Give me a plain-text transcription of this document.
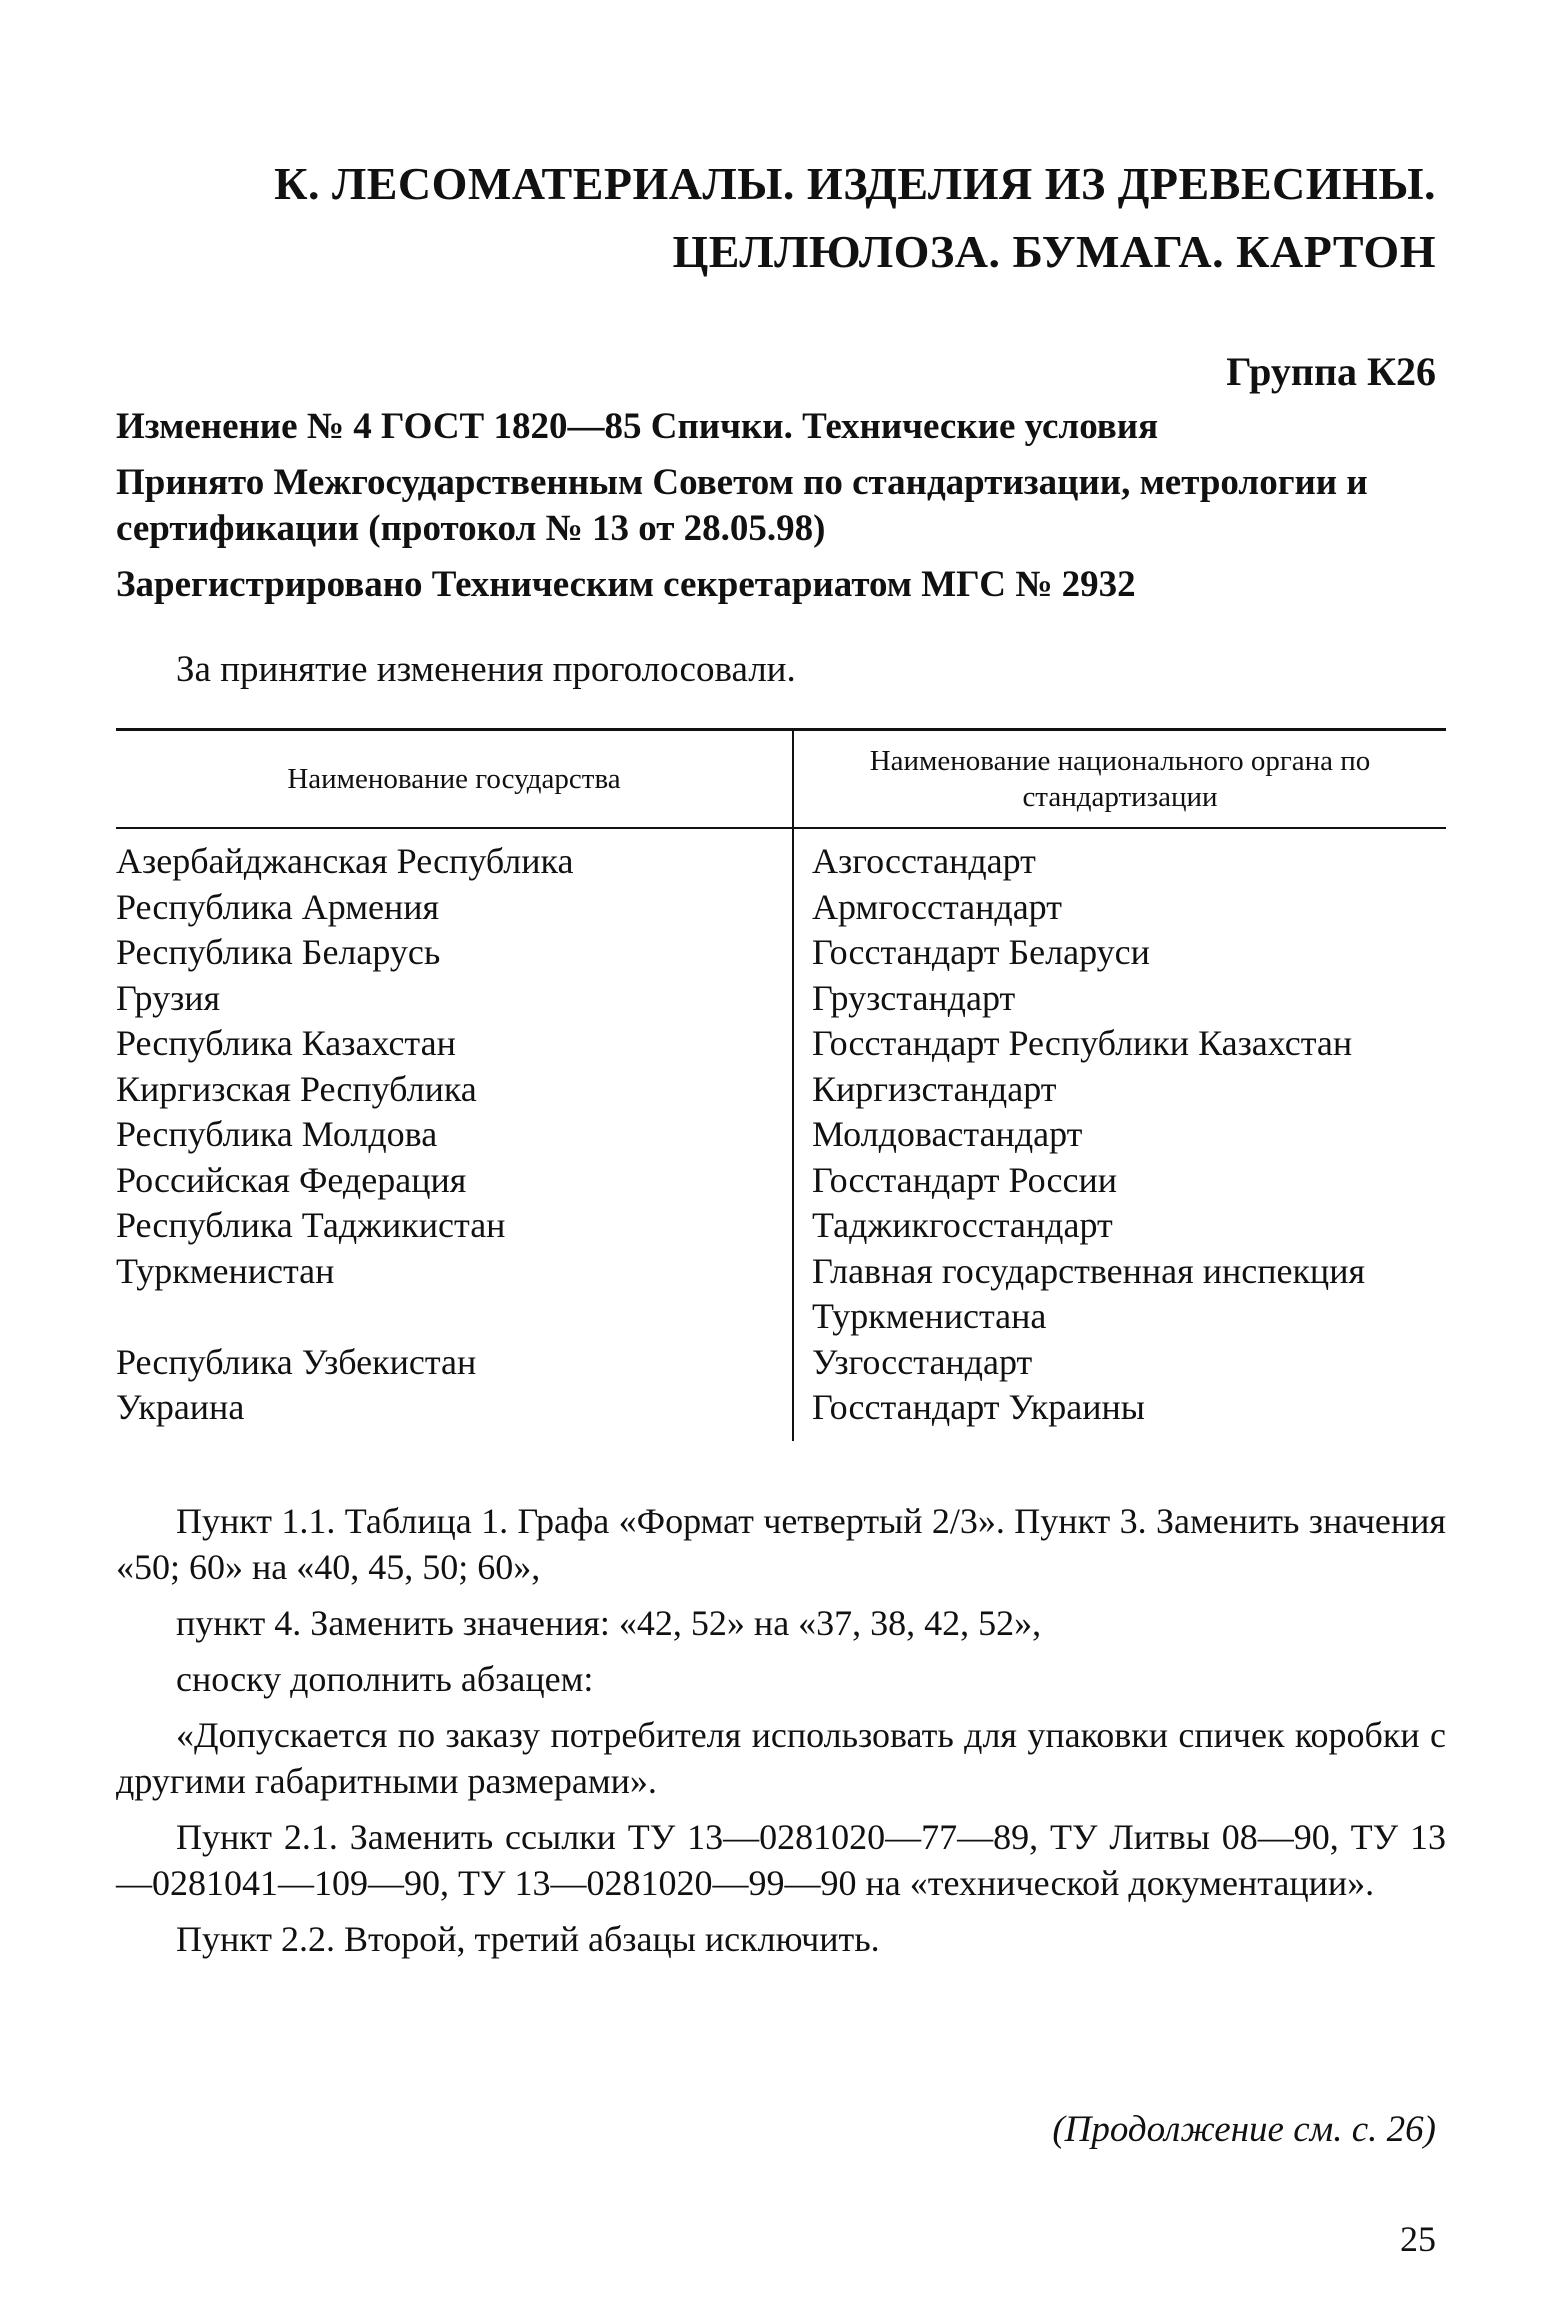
К. ЛЕСОМАТЕРИАЛЫ. ИЗДЕЛИЯ ИЗ ДРЕВЕСИНЫ.
ЦЕЛЛЮЛОЗА. БУМАГА. КАРТОН
Группа К26
Изменение № 4 ГОСТ 1820—85 Спички. Технические условия
Принято Межгосударственным Советом по стандартизации, метрологии и сертификации (протокол № 13 от 28.05.98)
Зарегистрировано Техническим секретариатом МГС № 2932
За принятие изменения проголосовали.
Наименование государства
Наименование национального органа по стандартизации
Азербайджанская Республика
Республика Армения
Республика Беларусь
Грузия
Республика Казахстан
Киргизская Республика
Республика Молдова
Российская Федерация
Республика Таджикистан
Туркменистан
Республика Узбекистан
Украина
Азгосстандарт
Армгосстандарт
Госстандарт Беларуси
Грузстандарт
Госстандарт Республики Казахстан
Киргизстандарт
Молдовастандарт
Госстандарт России
Таджикгосстандарт
Главная государственная инспекция Туркменистана
Узгосстандарт
Госстандарт Украины

Пункт 1.1. Таблица 1. Графа «Формат четвертый 2/3». Пункт 3. Заменить значения «50; 60» на «40, 45, 50; 60»,

пункт 4. Заменить значения: «42, 52» на «37, 38, 42, 52»,

сноску дополнить абзацем:

«Допускается по заказу потребителя использовать для упаковки спичек коробки с другими габаритными размерами».

Пункт 2.1. Заменить ссылки ТУ 13—0281020—77—89, ТУ Литвы 08—90, ТУ 13—0281041—109—90, ТУ 13—0281020—99—90 на «технической документации».

Пункт 2.2. Второй, третий абзацы исключить.

(Продолжение см. с. 26)
25
